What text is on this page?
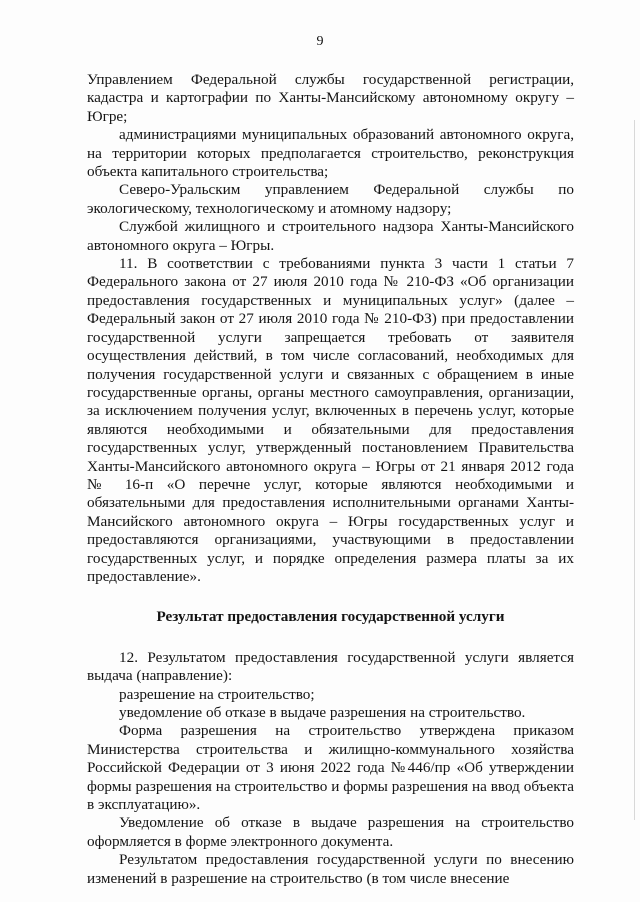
9

Управлением Федеральной службы государственной регистрации, кадастра и картографии по Ханты-Мансийскому автономному округу – Югре;

администрациями муниципальных образований автономного округа, на территории которых предполагается строительство, реконструкция объекта капитального строительства;

Северо-Уральским управлением Федеральной службы по экологическому, технологическому и атомному надзору;

Службой жилищного и строительного надзора Ханты-Мансийского автономного округа – Югры.

11. В соответствии с требованиями пункта 3 части 1 статьи 7 Федерального закона от 27 июля 2010 года № 210-ФЗ «Об организации предоставления государственных и муниципальных услуг» (далее – Федеральный закон от 27 июля 2010 года № 210-ФЗ) при предоставлении государственной услуги запрещается требовать от заявителя осуществления действий, в том числе согласований, необходимых для получения государственной услуги и связанных с обращением в иные государственные органы, органы местного самоуправления, организации, за исключением получения услуг, включенных в перечень услуг, которые являются необходимыми и обязательными для предоставления государственных услуг, утвержденный постановлением Правительства Ханты-Мансийского автономного округа – Югры от 21 января 2012 года № 16-п «О перечне услуг, которые являются необходимыми и обязательными для предоставления исполнительными органами Ханты-Мансийского автономного округа – Югры государственных услуг и предоставляются организациями, участвующими в предоставлении государственных услуг, и порядке определения размера платы за их предоставление».

Результат предоставления государственной услуги

12. Результатом предоставления государственной услуги является выдача (направление):

разрешение на строительство;

уведомление об отказе в выдаче разрешения на строительство.

Форма разрешения на строительство утверждена приказом Министерства строительства и жилищно-коммунального хозяйства Российской Федерации от 3 июня 2022 года №446/пр «Об утверждении формы разрешения на строительство и формы разрешения на ввод объекта в эксплуатацию».

Уведомление об отказе в выдаче разрешения на строительство оформляется в форме электронного документа.

Результатом предоставления государственной услуги по внесению изменений в разрешение на строительство (в том числе внесение
